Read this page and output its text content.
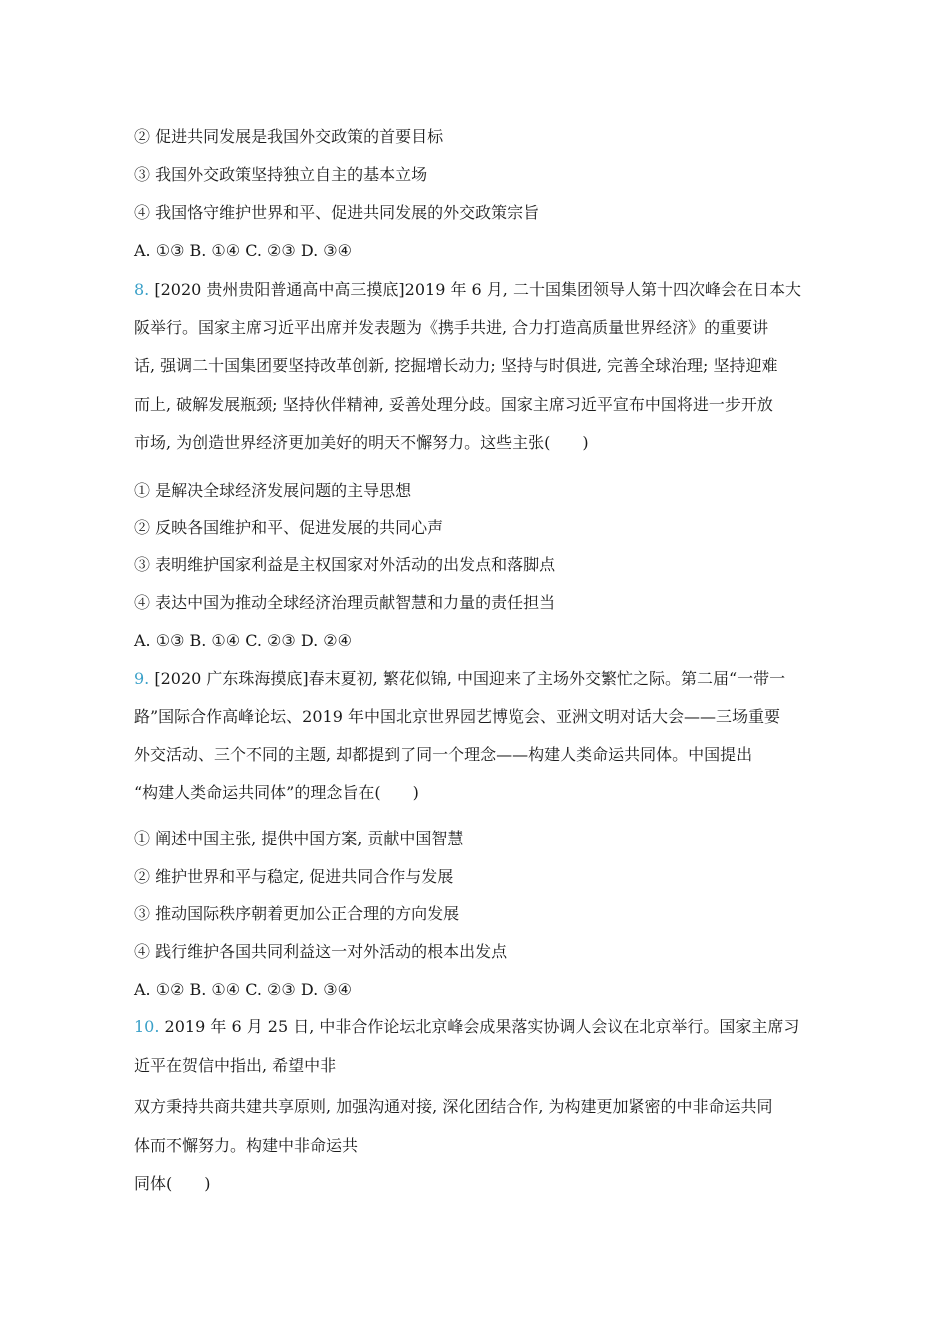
② 促进共同发展是我国外交政策的首要目标
③ 我国外交政策坚持独立自主的基本立场
④ 我国恪守维护世界和平、促进共同发展的外交政策宗旨
A. ①③ B. ①④ C. ②③ D. ③④
8. [2020 贵州贵阳普通高中高三摸底]2019 年 6 月, 二十国集团领导人第十四次峰会在日本大
阪举行。国家主席习近平出席并发表题为《携手共进, 合力打造高质量世界经济》的重要讲
话, 强调二十国集团要坚持改革创新, 挖掘增长动力; 坚持与时俱进, 完善全球治理; 坚持迎难
而上, 破解发展瓶颈; 坚持伙伴精神, 妥善处理分歧。国家主席习近平宣布中国将进一步开放
市场, 为创造世界经济更加美好的明天不懈努力。这些主张(　　)
① 是解决全球经济发展问题的主导思想
② 反映各国维护和平、促进发展的共同心声
③ 表明维护国家利益是主权国家对外活动的出发点和落脚点
④ 表达中国为推动全球经济治理贡献智慧和力量的责任担当
A. ①③ B. ①④ C. ②③ D. ②④
9. [2020 广东珠海摸底]春末夏初, 繁花似锦, 中国迎来了主场外交繁忙之际。第二届“一带一
路”国际合作高峰论坛、2019 年中国北京世界园艺博览会、亚洲文明对话大会——三场重要
外交活动、三个不同的主题, 却都提到了同一个理念——构建人类命运共同体。中国提出
“构建人类命运共同体”的理念旨在(　　)
① 阐述中国主张, 提供中国方案, 贡献中国智慧
② 维护世界和平与稳定, 促进共同合作与发展
③ 推动国际秩序朝着更加公正合理的方向发展
④ 践行维护各国共同利益这一对外活动的根本出发点
A. ①② B. ①④ C. ②③ D. ③④
10. 2019 年 6 月 25 日, 中非合作论坛北京峰会成果落实协调人会议在北京举行。国家主席习
近平在贺信中指出, 希望中非
双方秉持共商共建共享原则, 加强沟通对接, 深化团结合作, 为构建更加紧密的中非命运共同
体而不懈努力。构建中非命运共
同体(　　)
